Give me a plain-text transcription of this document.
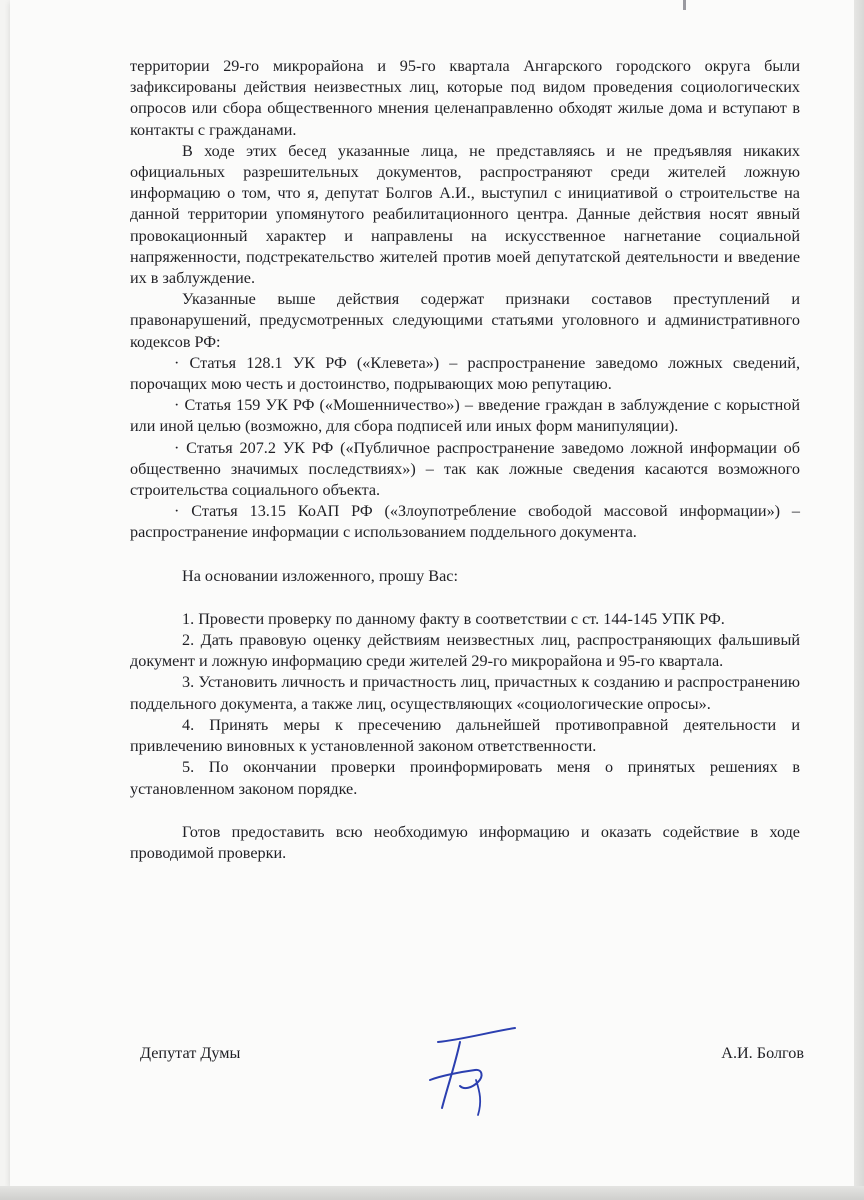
территории 29-го микрорайона и 95-го квартала Ангарского городского округа были зафиксированы действия неизвестных лиц, которые под видом проведения социологических опросов или сбора общественного мнения целенаправленно обходят жилые дома и вступают в контакты с гражданами.

В ходе этих бесед указанные лица, не представляясь и не предъявляя никаких официальных разрешительных документов, распространяют среди жителей ложную информацию о том, что я, депутат Болгов А.И., выступил с инициативой о строительстве на данной территории упомянутого реабилитационного центра. Данные действия носят явный провокационный характер и направлены на искусственное нагнетание социальной напряженности, подстрекательство жителей против моей депутатской деятельности и введение их в заблуждение.

Указанные выше действия содержат признаки составов преступлений и правонарушений, предусмотренных следующими статьями уголовного и административного кодексов РФ:

· Статья 128.1 УК РФ («Клевета») – распространение заведомо ложных сведений, порочащих мою честь и достоинство, подрывающих мою репутацию.

· Статья 159 УК РФ («Мошенничество») – введение граждан в заблуждение с корыстной или иной целью (возможно, для сбора подписей или иных форм манипуляции).

· Статья 207.2 УК РФ («Публичное распространение заведомо ложной информации об общественно значимых последствиях») – так как ложные сведения касаются возможного строительства социального объекта.

· Статья 13.15 КоАП РФ («Злоупотребление свободой массовой информации») – распространение информации с использованием поддельного документа.

На основании изложенного, прошу Вас:

1. Провести проверку по данному факту в соответствии с ст. 144-145 УПК РФ.

2. Дать правовую оценку действиям неизвестных лиц, распространяющих фальшивый документ и ложную информацию среди жителей 29-го микрорайона и 95-го квартала.

3. Установить личность и причастность лиц, причастных к созданию и распространению поддельного документа, а также лиц, осуществляющих «социологические опросы».

4. Принять меры к пресечению дальнейшей противоправной деятельности и привлечению виновных к установленной законом ответственности.

5. По окончании проверки проинформировать меня о принятых решениях в установленном законом порядке.

Готов предоставить всю необходимую информацию и оказать содействие в ходе проводимой проверки.

Депутат Думы	А.И. Болгов
